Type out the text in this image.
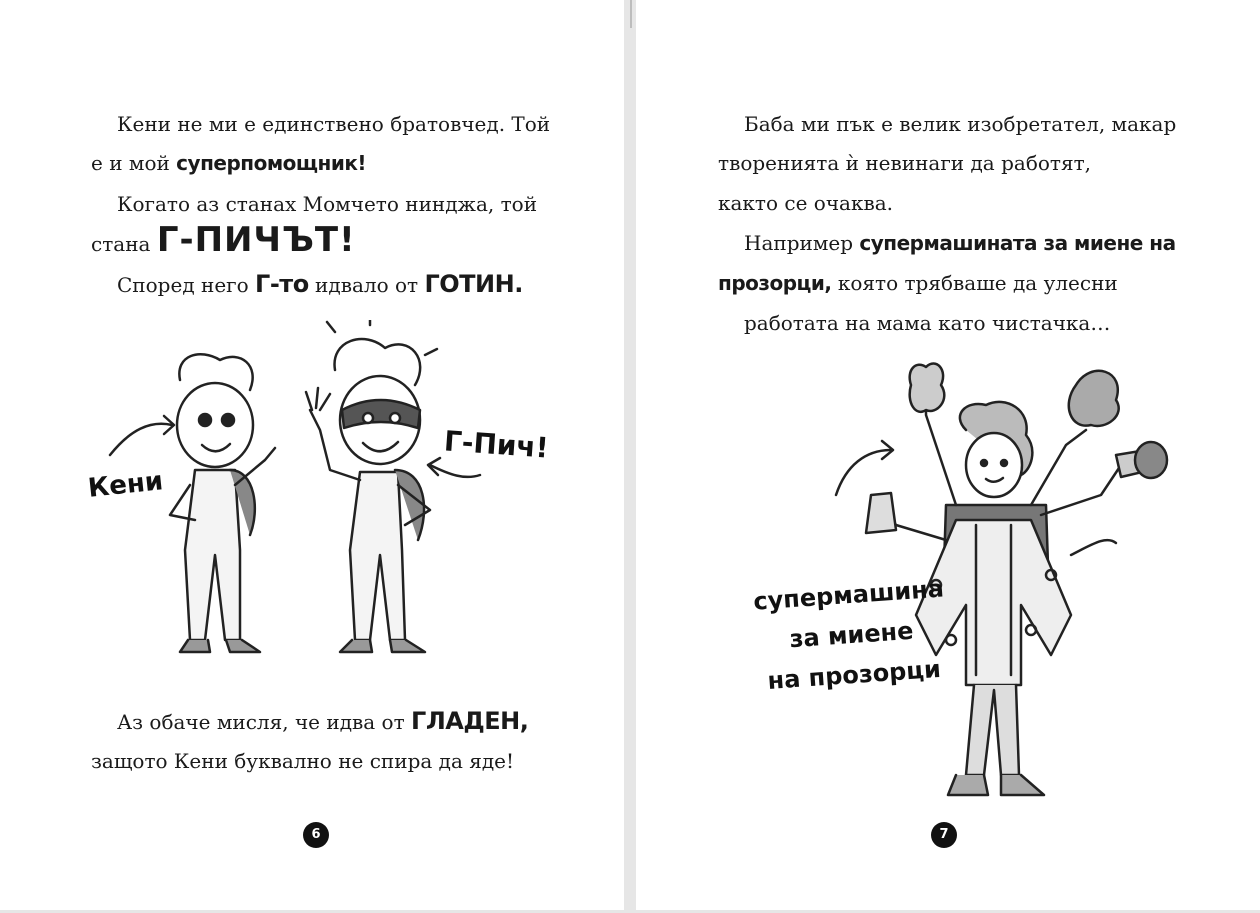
Кени не ми е единствено братовчед. Той
е и мой суперпомощник!
Когато аз станах Момчето нинджа, той
стана Г-ПИЧЪТ!
Според него Г-то идвало от ГОТИН.
Кени
Г-Пич!
Аз обаче мисля, че идва от ГЛАДЕН,
защото Кени буквално не спира да яде!
6
Баба ми пък е велик изобретател, макар
творенията ѝ невинаги да работят,
както се очаква.
Например супермашината за миене на
прозорци, която трябваше да улесни
работата на мама като чистачка…
супермашина
за миене
на прозорци
7
